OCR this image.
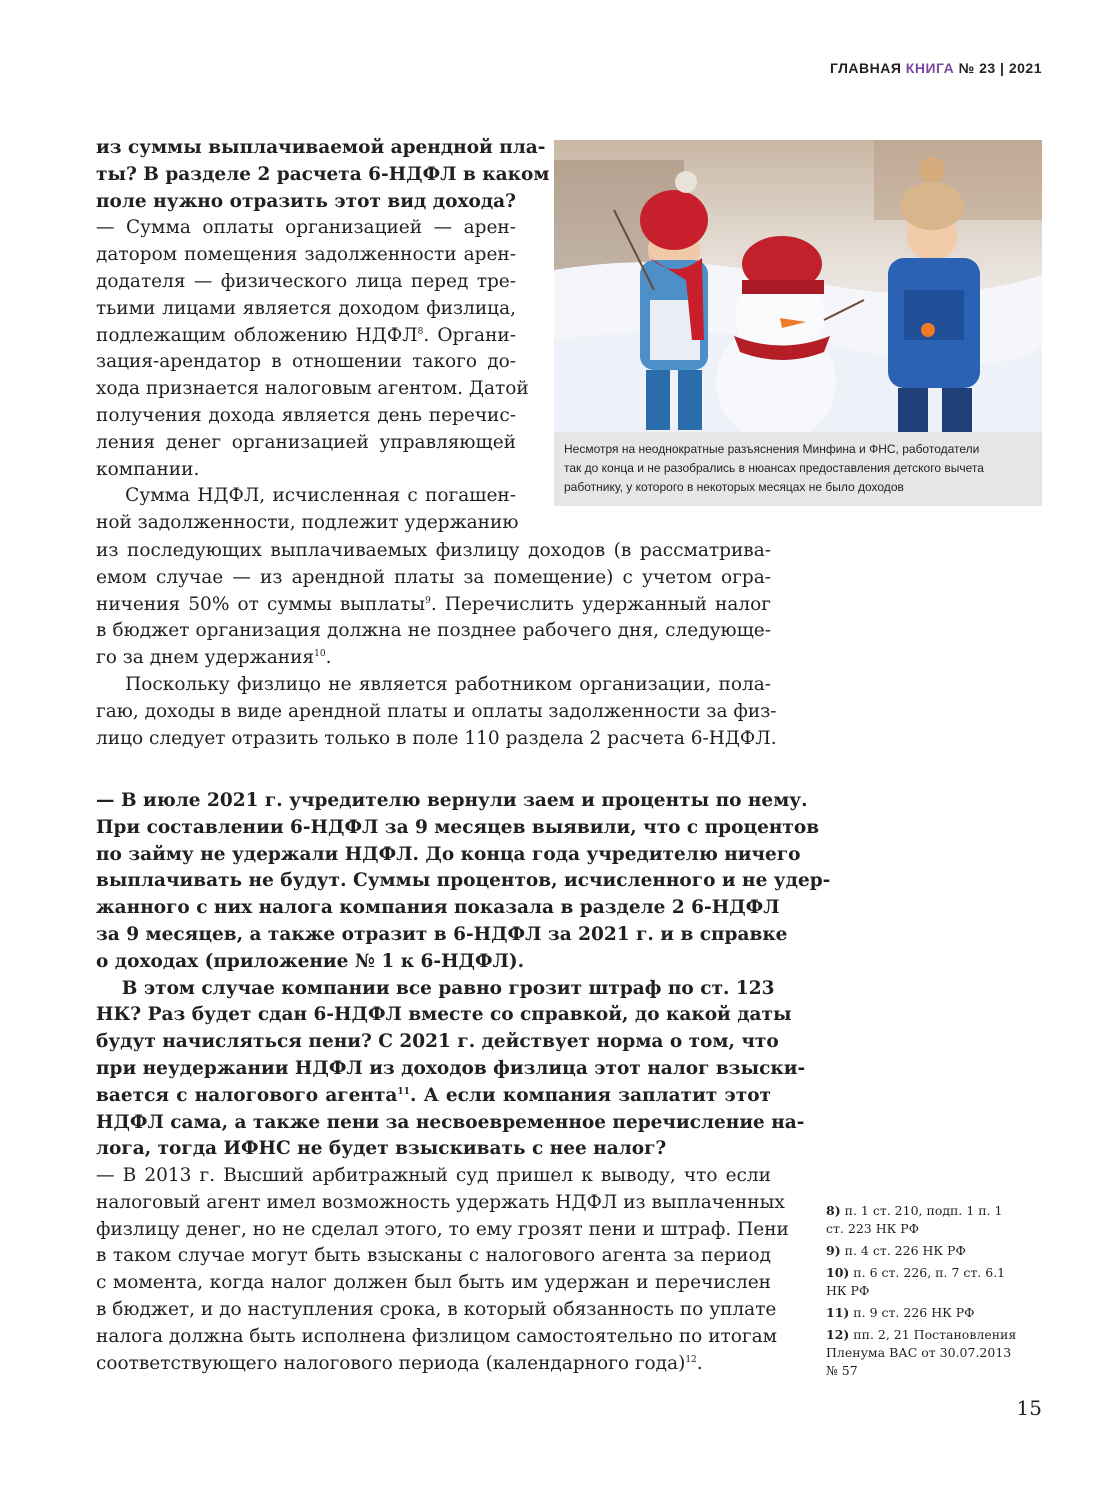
ГЛАВНАЯ КНИГА № 23 | 2021
из суммы выплачиваемой арендной пла-
ты? В разделе 2 расчета 6-НДФЛ в каком
поле нужно отразить этот вид дохода?
— Сумма оплаты организацией — арен-
датором помещения задолженности арен-
додателя — физического лица перед тре-
тьими лицами является доходом физлица,
подлежащим обложению НДФЛ$^8$. Органи-
зация-арендатор в отношении такого до-
хода признается налоговым агентом. Датой
получения дохода является день перечис-
ления денег организацией управляющей
компании.
Сумма НДФЛ, исчисленная с погашен-
ной задолженности, подлежит удержанию
Несмотря на неоднократные разъяснения Минфина и ФНС, работодатели
так до конца и не разобрались в нюансах предоставления детского вычета
работнику, у которого в некоторых месяцах не было доходов
из последующих выплачиваемых физлицу доходов (в рассматрива-
емом случае — из арендной платы за помещение) с учетом огра-
ничения 50% от суммы выплаты$^9$. Перечислить удержанный налог
в бюджет организация должна не позднее рабочего дня, следующе-
го за днем удержания$^{10}$.
Поскольку физлицо не является работником организации, пола-
гаю, доходы в виде арендной платы и оплаты задолженности за физ-
лицо следует отразить только в поле 110 раздела 2 расчета 6-НДФЛ.
— В июле 2021 г. учредителю вернули заем и проценты по нему.
При составлении 6-НДФЛ за 9 месяцев выявили, что с процентов
по займу не удержали НДФЛ. До конца года учредителю ничего
выплачивать не будут. Суммы процентов, исчисленного и не удер-
жанного с них налога компания показала в разделе 2 6-НДФЛ
за 9 месяцев, а также отразит в 6-НДФЛ за 2021 г. и в справке
о доходах (приложение № 1 к 6-НДФЛ).
В этом случае компании все равно грозит штраф по ст. 123
НК? Раз будет сдан 6-НДФЛ вместе со справкой, до какой даты
будут начисляться пени? С 2021 г. действует норма о том, что
при неудержании НДФЛ из доходов физлица этот налог взыски-
вается с налогового агента$^{11}$. А если компания заплатит этот
НДФЛ сама, а также пени за несвоевременное перечисление на-
лога, тогда ИФНС не будет взыскивать с нее налог?
— В 2013 г. Высший арбитражный суд пришел к выводу, что если
налоговый агент имел возможность удержать НДФЛ из выплаченных
физлицу денег, но не сделал этого, то ему грозят пени и штраф. Пени
в таком случае могут быть взысканы с налогового агента за период
с момента, когда налог должен был быть им удержан и перечислен
в бюджет, и до наступления срока, в который обязанность по уплате
налога должна быть исполнена физлицом самостоятельно по итогам
соответствующего налогового периода (календарного года)$^{12}$.
8) п. 1 ст. 210, подп. 1 п. 1
ст. 223 НК РФ
9) п. 4 ст. 226 НК РФ
10) п. 6 ст. 226, п. 7 ст. 6.1
НК РФ
11) п. 9 ст. 226 НК РФ
12) пп. 2, 21 Постановления
Пленума ВАС от 30.07.2013
№ 57
15
